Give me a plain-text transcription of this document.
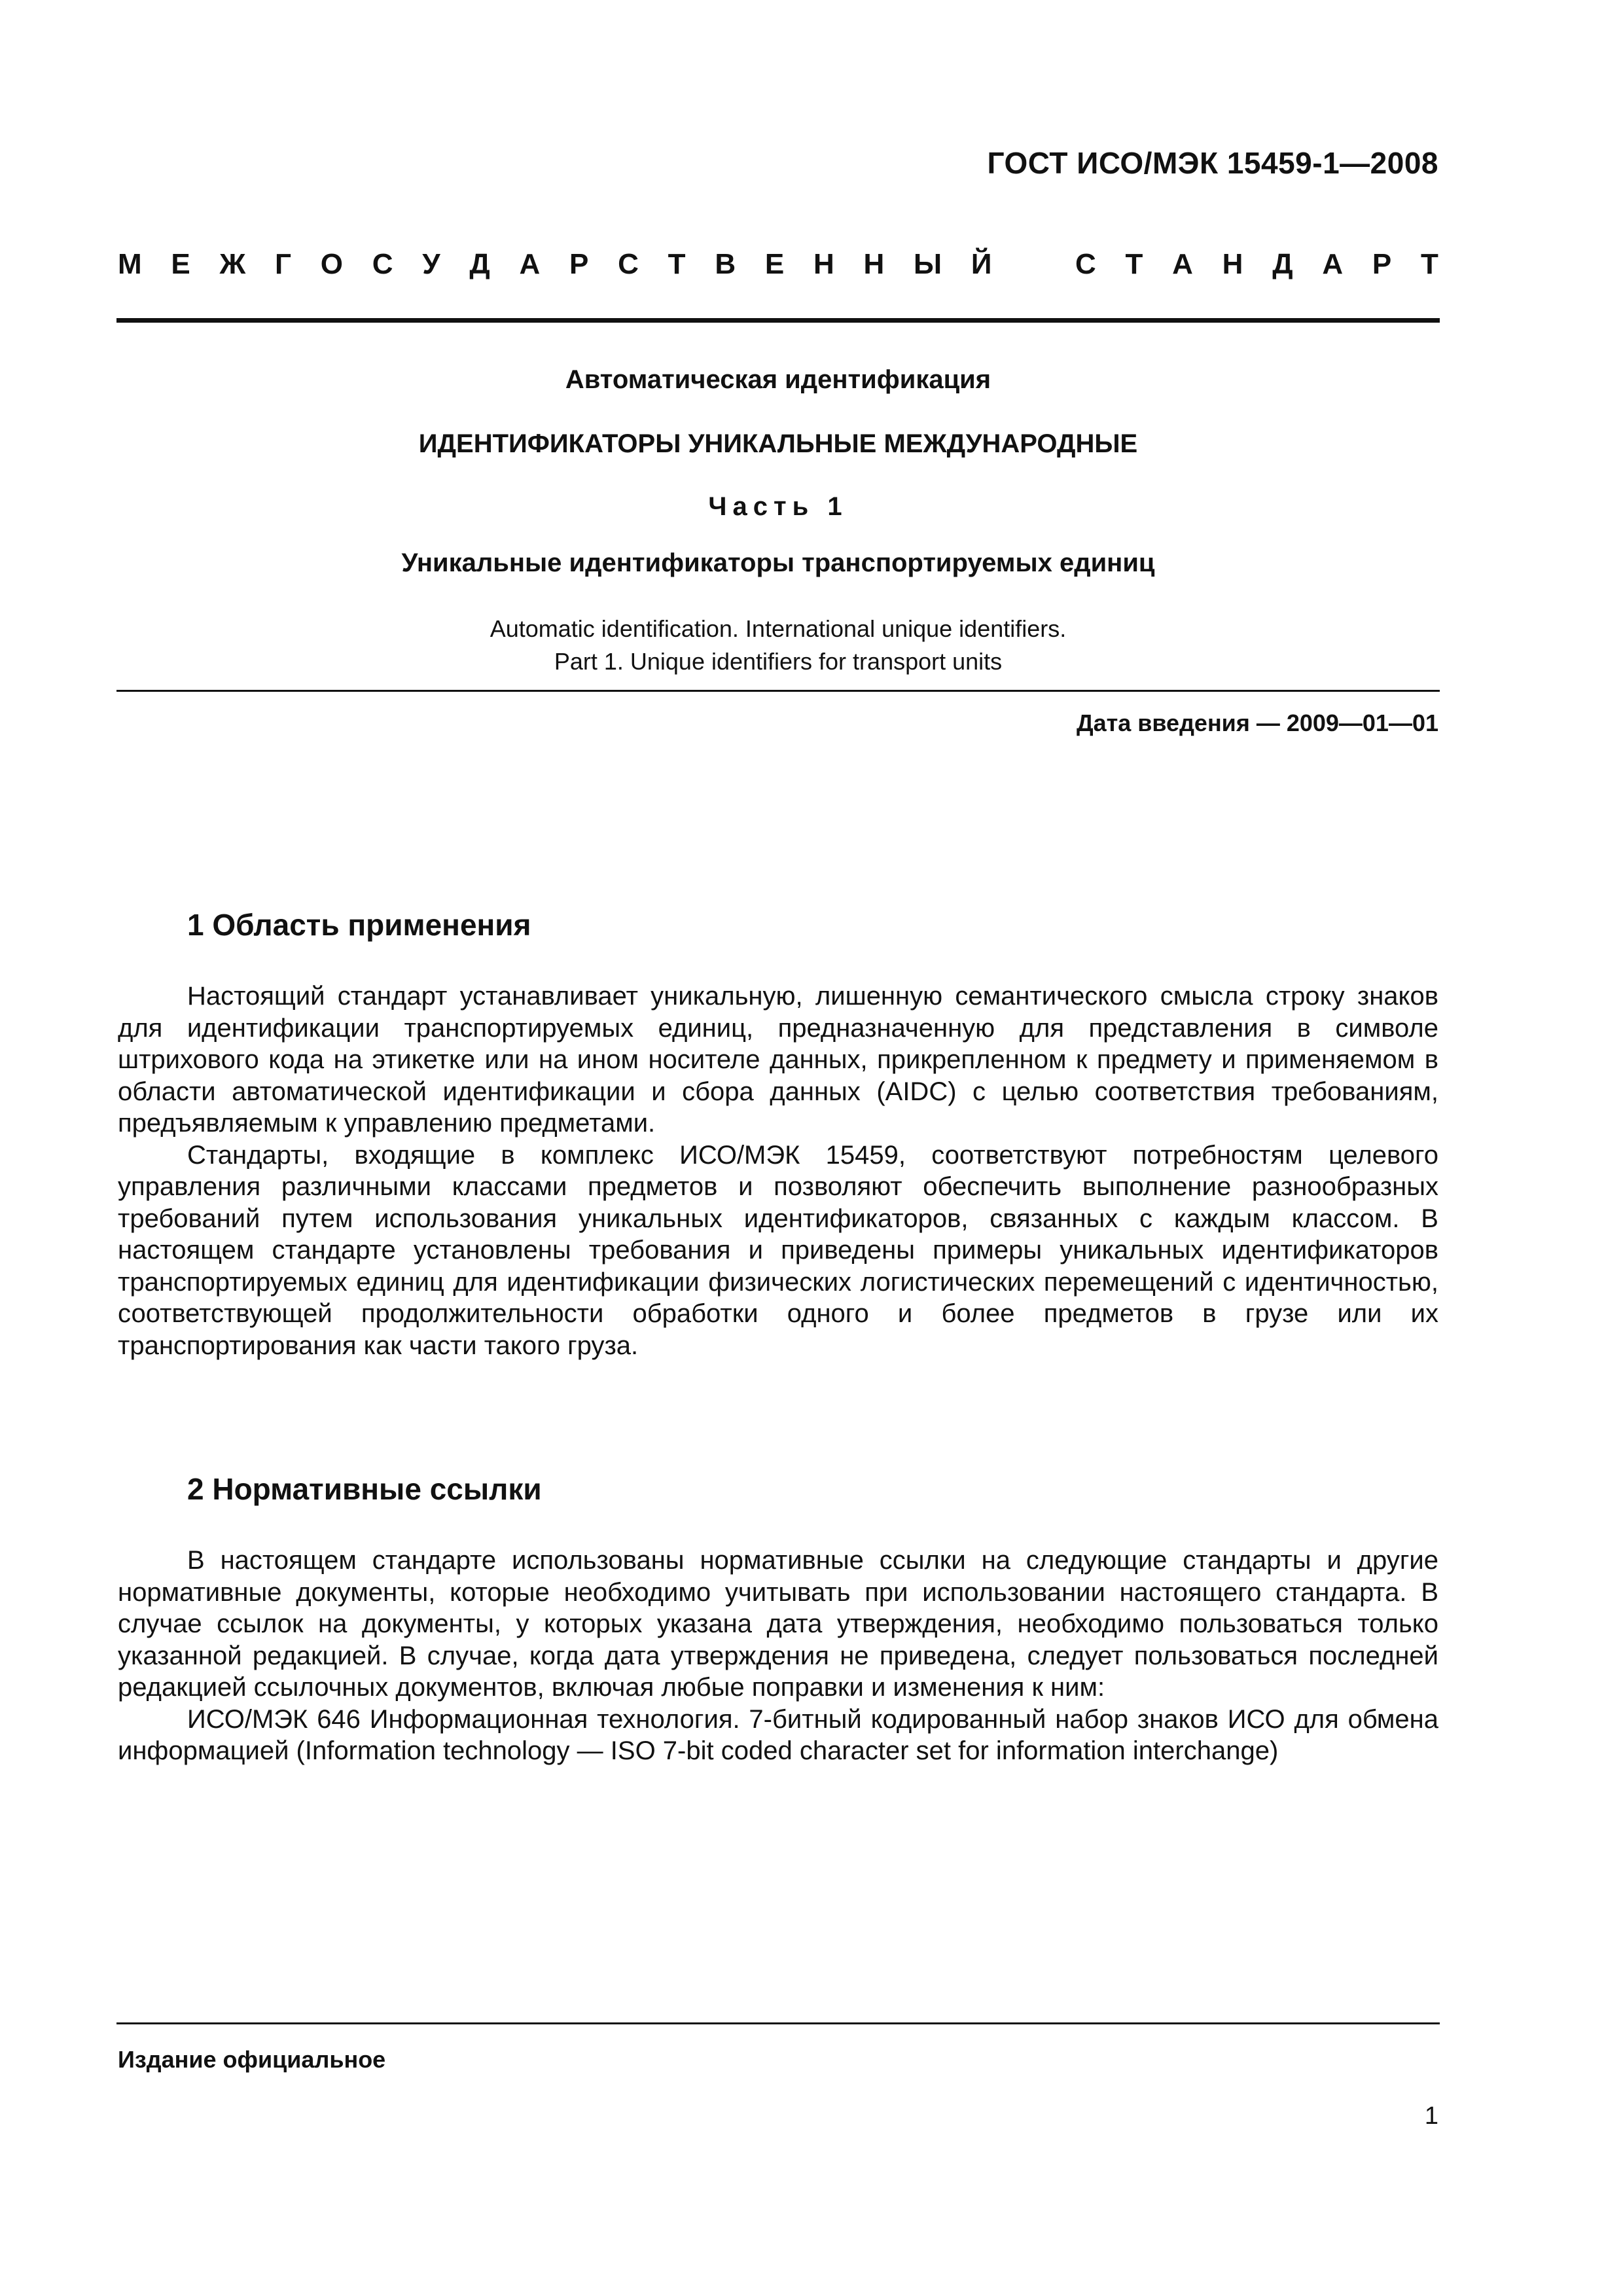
ГОСТ ИСО/МЭК 15459-1—2008
М Е Ж Г О С У Д А Р С Т В Е Н Н Ы Й	С Т А Н Д А Р Т
Автоматическая идентификация
ИДЕНТИФИКАТОРЫ УНИКАЛЬНЫЕ МЕЖДУНАРОДНЫЕ
Часть 1
Уникальные идентификаторы транспортируемых единиц
Automatic identification. International unique identifiers.
Part 1. Unique identifiers for transport units
Дата введения — 2009—01—01
1 Область применения

Настоящий стандарт устанавливает уникальную, лишенную семантического смысла строку знаков для идентификации транспортируемых единиц, предназначенную для представления в символе штрихового кода на этикетке или на ином носителе данных, прикрепленном к предмету и применяемом в области автоматической идентификации и сбора данных (AIDC) с целью соответствия требованиям, предъявляемым к управлению предметами.

Стандарты, входящие в комплекс ИСО/МЭК 15459, соответствуют потребностям целевого управления различными классами предметов и позволяют обеспечить выполнение разнообразных требований путем использования уникальных идентификаторов, связанных с каждым классом. В настоящем стандарте установлены требования и приведены примеры уникальных идентификаторов транспортируемых единиц для идентификации физических логистических перемещений с идентичностью, соответствующей продолжительности обработки одного и более предметов в грузе или их транспортирования как части такого груза.

2 Нормативные ссылки

В настоящем стандарте использованы нормативные ссылки на следующие стандарты и другие нормативные документы, которые необходимо учитывать при использовании настоящего стандарта. В случае ссылок на документы, у которых указана дата утверждения, необходимо пользоваться только указанной редакцией. В случае, когда дата утверждения не приведена, следует пользоваться последней редакцией ссылочных документов, включая любые поправки и изменения к ним:

ИСО/МЭК 646 Информационная технология. 7-битный кодированный набор знаков ИСО для обмена информацией (Information technology — ISO 7-bit coded character set for information interchange)

Издание официальное
1
